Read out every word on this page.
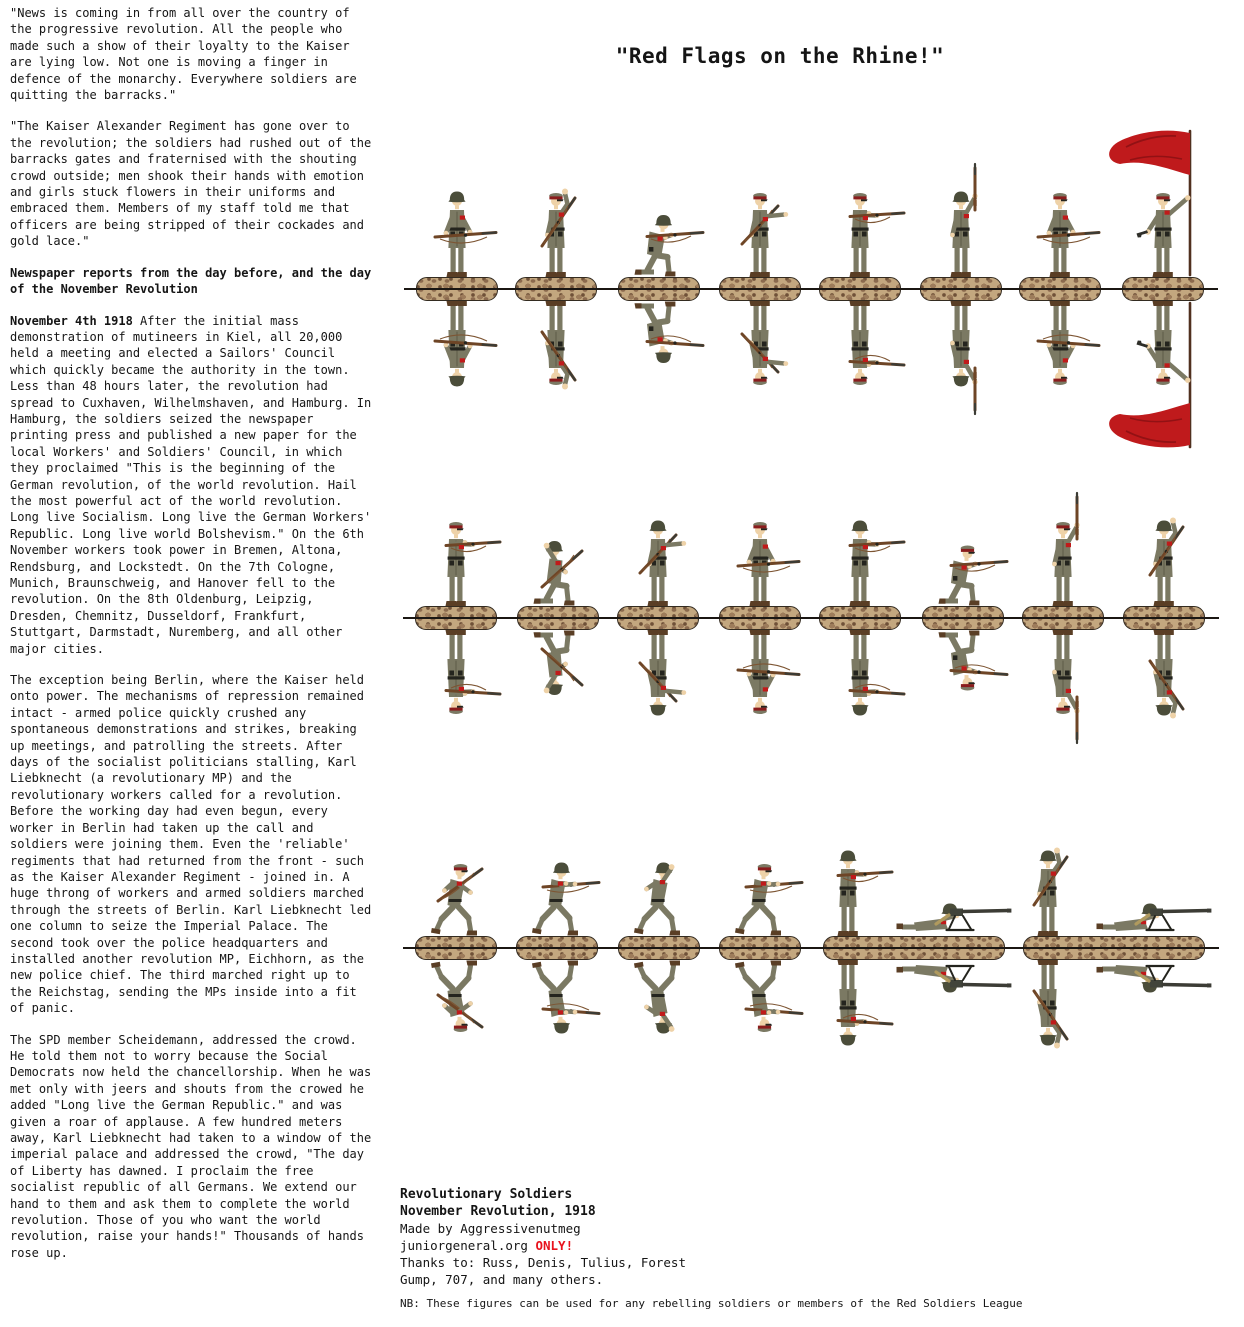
"News is coming in from all over the country of the progressive revolution. All the people who made such a show of their loyalty to the Kaiser are lying low. Not one is moving a finger in defence of the monarchy. Everywhere soldiers are quitting the barracks."

"The Kaiser Alexander Regiment has gone over to the revolution; the soldiers had rushed out of the barracks gates and fraternised with the shouting crowd outside; men shook their hands with emotion and girls stuck flowers in their uniforms and embraced them. Members of my staff told me that officers are being stripped of their cockades and gold lace."

Newspaper reports from the day before, and the day of the November Revolution

November 4th 1918 After the initial mass demonstration of mutineers in Kiel, all 20,000 held a meeting and elected a Sailors' Council which quickly became the authority in the town. Less than 48 hours later, the revolution had spread to Cuxhaven, Wilhelmshaven, and Hamburg. In Hamburg, the soldiers seized the newspaper printing press and published a new paper for the local Workers' and Soldiers' Council, in which they proclaimed "This is the beginning of the German revolution, of the world revolution. Hail the most powerful act of the world revolution. Long live Socialism. Long live the German Workers' Republic. Long live world Bolshevism." On the 6th November workers took power in Bremen, Altona, Rendsburg, and Lockstedt. On the 7th Cologne, Munich, Braunschweig, and Hanover fell to the revolution. On the 8th Oldenburg, Leipzig, Dresden, Chemnitz, Dusseldorf, Frankfurt, Stuttgart, Darmstadt, Nuremberg, and all other major cities.

The exception being Berlin, where the Kaiser held onto power. The mechanisms of repression remained intact - armed police quickly crushed any spontaneous demonstrations and strikes, breaking up meetings, and patrolling the streets. After days of the socialist politicians stalling, Karl Liebknecht (a revolutionary MP) and the revolutionary workers called for a revolution. Before the working day had even begun, every worker in Berlin had taken up the call and soldiers were joining them. Even the 'reliable' regiments that had returned from the front - such as the Kaiser Alexander Regiment - joined in. A huge throng of workers and armed soldiers marched through the streets of Berlin. Karl Liebknecht led one column to seize the Imperial Palace. The second took over the police headquarters and installed another revolution MP, Eichhorn, as the new police chief. The third marched right up to the Reichstag, sending the MPs inside into a fit of panic.

The SPD member Scheidemann, addressed the crowd. He told them not to worry because the Social Democrats now held the chancellorship. When he was met only with jeers and shouts from the crowed he added "Long live the German Republic." and was given a roar of applause. A few hundred meters away, Karl Liebknecht had taken to a window of the imperial palace and addressed the crowd, "The day of Liberty has dawned. I proclaim the free socialist republic of all Germans. We extend our hand to them and ask them to complete the world revolution. Those of you who want the world revolution, raise your hands!" Thousands of hands rose up.

"Red Flags on the Rhine!"
Revolutionary Soldiers
November Revolution, 1918
Made by Aggressivenutmeg
juniorgeneral.org ONLY!
Thanks to: Russ, Denis, Tulius, Forest
Gump, 707, and many others.
NB: These figures can be used for any rebelling soldiers or members of the Red Soldiers League
